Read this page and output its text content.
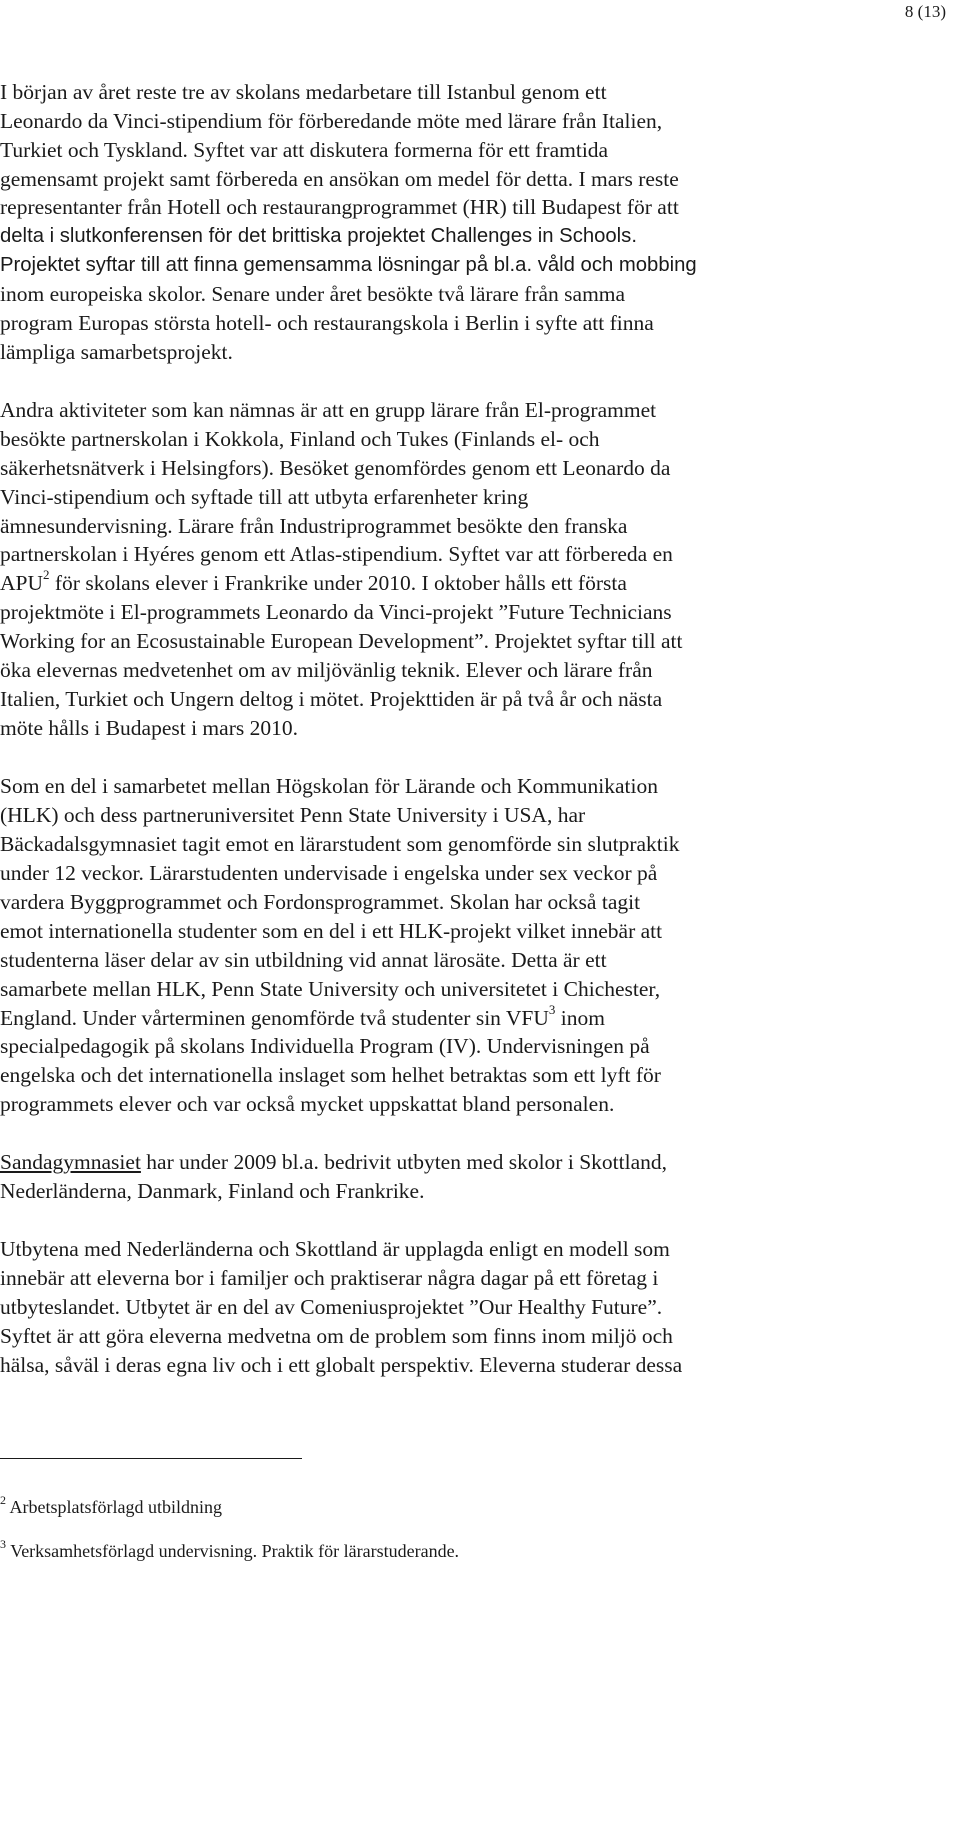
8 (13)
I början av året reste tre av skolans medarbetare till Istanbul genom ett
Leonardo da Vinci-stipendium för förberedande möte med lärare från Italien,
Turkiet och Tyskland. Syftet var att diskutera formerna för ett framtida
gemensamt projekt samt förbereda en ansökan om medel för detta. I mars reste
representanter från Hotell och restaurangprogrammet (HR) till Budapest för att
delta i slutkonferensen för det brittiska projektet Challenges in Schools.
Projektet syftar till att finna gemensamma lösningar på bl.a. våld och mobbing
inom europeiska skolor. Senare under året besökte två lärare från samma
program Europas största hotell- och restaurangskola i Berlin i syfte att finna
lämpliga samarbetsprojekt.
Andra aktiviteter som kan nämnas är att en grupp lärare från El-programmet
besökte partnerskolan i Kokkola, Finland och Tukes (Finlands el- och
säkerhetsnätverk i Helsingfors). Besöket genomfördes genom ett Leonardo da
Vinci-stipendium och syftade till att utbyta erfarenheter kring
ämnesundervisning. Lärare från Industriprogrammet besökte den franska
partnerskolan i Hyéres genom ett Atlas-stipendium. Syftet var att förbereda en
APU$^2$ för skolans elever i Frankrike under 2010. I oktober hålls ett första
projektmöte i El-programmets Leonardo da Vinci-projekt ”Future Technicians
Working for an Ecosustainable European Development”. Projektet syftar till att
öka elevernas medvetenhet om av miljövänlig teknik. Elever och lärare från
Italien, Turkiet och Ungern deltog i mötet. Projekttiden är på två år och nästa
möte hålls i Budapest i mars 2010.
Som en del i samarbetet mellan Högskolan för Lärande och Kommunikation
(HLK) och dess partneruniversitet Penn State University i USA, har
Bäckadalsgymnasiet tagit emot en lärarstudent som genomförde sin slutpraktik
under 12 veckor. Lärarstudenten undervisade i engelska under sex veckor på
vardera Byggprogrammet och Fordonsprogrammet. Skolan har också tagit
emot internationella studenter som en del i ett HLK-projekt vilket innebär att
studenterna läser delar av sin utbildning vid annat lärosäte. Detta är ett
samarbete mellan HLK, Penn State University och universitetet i Chichester,
England. Under vårterminen genomförde två studenter sin VFU$^3$ inom
specialpedagogik på skolans Individuella Program (IV). Undervisningen på
engelska och det internationella inslaget som helhet betraktas som ett lyft för
programmets elever och var också mycket uppskattat bland personalen.
Sandagymnasiet har under 2009 bl.a. bedrivit utbyten med skolor i Skottland,
Nederländerna, Danmark, Finland och Frankrike.
Utbytena med Nederländerna och Skottland är upplagda enligt en modell som
innebär att eleverna bor i familjer och praktiserar några dagar på ett företag i
utbyteslandet. Utbytet är en del av Comeniusprojektet ”Our Healthy Future”.
Syftet är att göra eleverna medvetna om de problem som finns inom miljö och
hälsa, såväl i deras egna liv och i ett globalt perspektiv. Eleverna studerar dessa
$^2$ Arbetsplatsförlagd utbildning
$^3$ Verksamhetsförlagd undervisning. Praktik för lärarstuderande.
